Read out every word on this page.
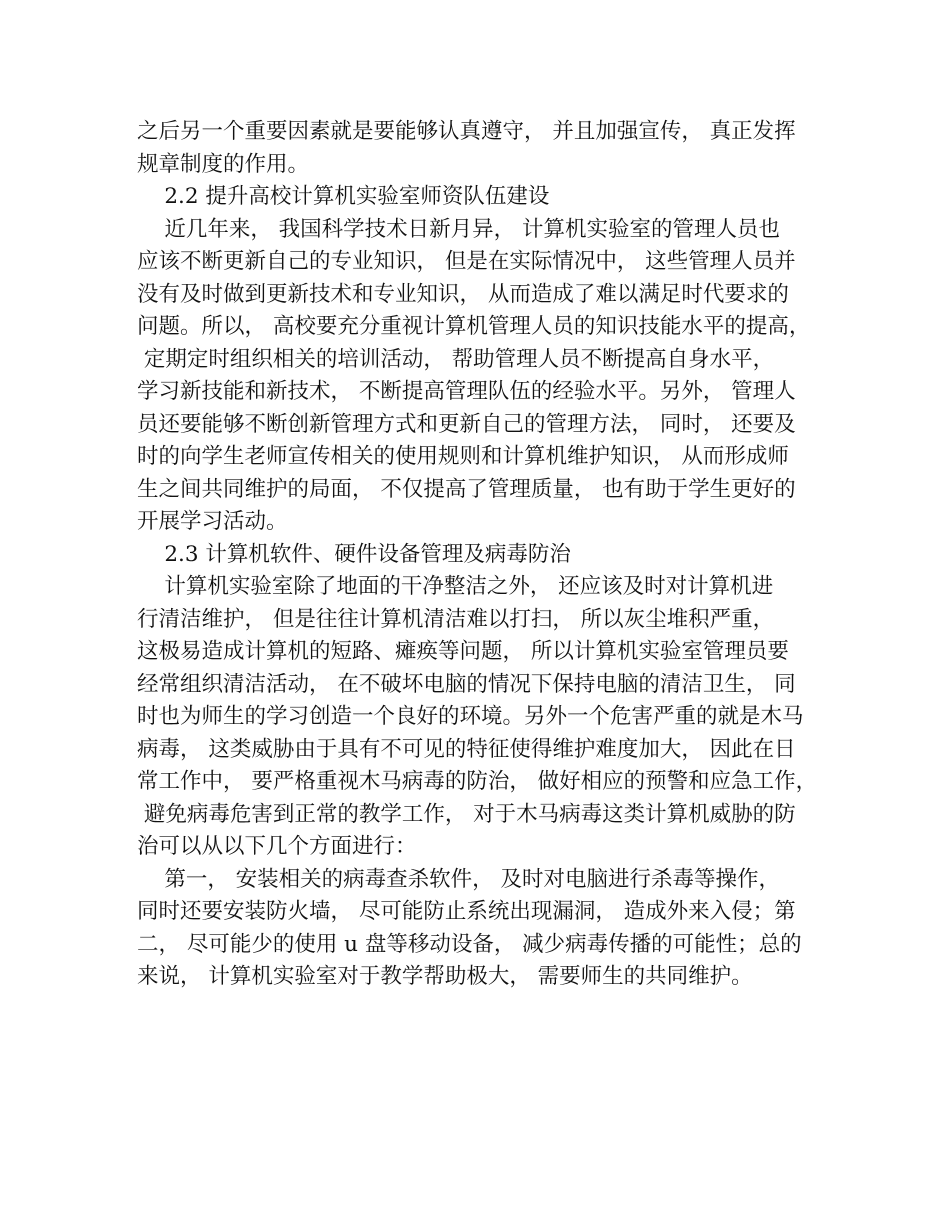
之后另一个重要因素就是要能够认真遵守， 并且加强宣传， 真正发挥

规章制度的作用。

2.2 提升高校计算机实验室师资队伍建设

近几年来， 我国科学技术日新月异， 计算机实验室的管理人员也

应该不断更新自己的专业知识， 但是在实际情况中， 这些管理人员并

没有及时做到更新技术和专业知识， 从而造成了难以满足时代要求的

问题。所以， 高校要充分重视计算机管理人员的知识技能水平的提高，

定期定时组织相关的培训活动， 帮助管理人员不断提高自身水平，

学习新技能和新技术， 不断提高管理队伍的经验水平。另外， 管理人

员还要能够不断创新管理方式和更新自己的管理方法， 同时， 还要及

时的向学生老师宣传相关的使用规则和计算机维护知识， 从而形成师

生之间共同维护的局面， 不仅提高了管理质量， 也有助于学生更好的

开展学习活动。

2.3 计算机软件、硬件设备管理及病毒防治

计算机实验室除了地面的干净整洁之外， 还应该及时对计算机进

行清洁维护， 但是往往计算机清洁难以打扫， 所以灰尘堆积严重，

这极易造成计算机的短路、瘫痪等问题， 所以计算机实验室管理员要

经常组织清洁活动， 在不破坏电脑的情况下保持电脑的清洁卫生， 同

时也为师生的学习创造一个良好的环境。另外一个危害严重的就是木马

病毒， 这类威胁由于具有不可见的特征使得维护难度加大， 因此在日

常工作中， 要严格重视木马病毒的防治， 做好相应的预警和应急工作，

避免病毒危害到正常的教学工作， 对于木马病毒这类计算机威胁的防

治可以从以下几个方面进行：

第一， 安装相关的病毒查杀软件， 及时对电脑进行杀毒等操作，

同时还要安装防火墙， 尽可能防止系统出现漏洞， 造成外来入侵；第

二， 尽可能少的使用 u 盘等移动设备， 减少病毒传播的可能性；总的

来说， 计算机实验室对于教学帮助极大， 需要师生的共同维护。
